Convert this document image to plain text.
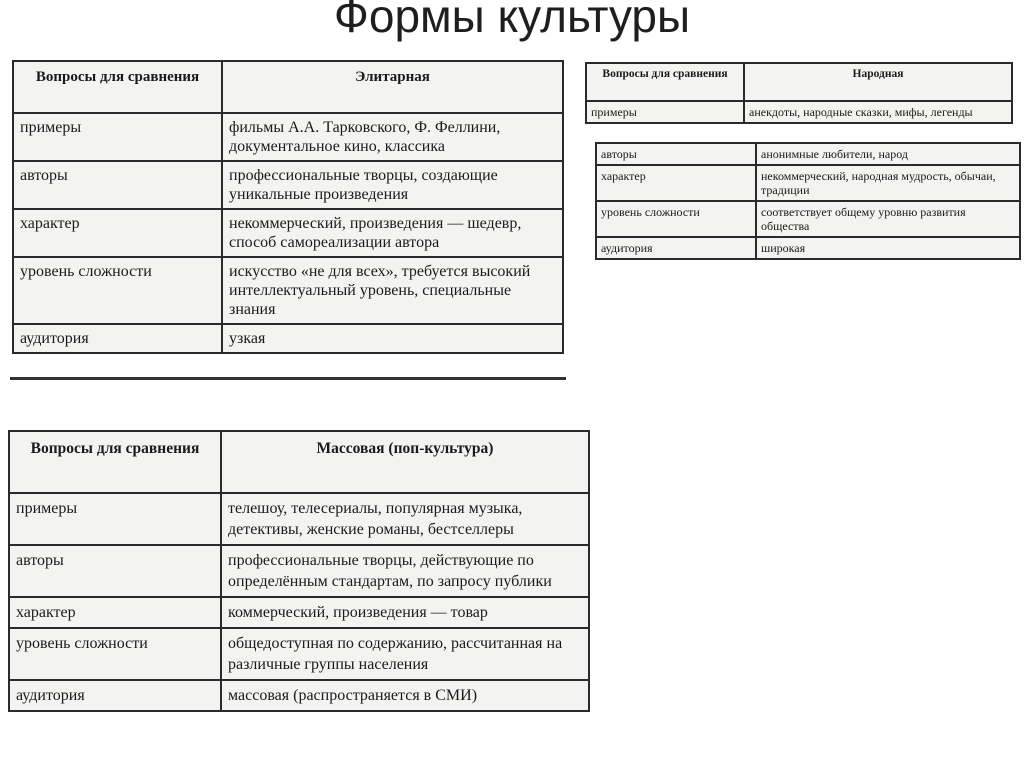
Формы культуры
Вопросы для сравнения	Элитарная
примеры	фильмы А.А. Тарковского, Ф. Феллини, документальное кино, классика
авторы	профессиональные творцы, создающие уникальные произведения
характер	некоммерческий, произведения — шедевр, способ самореализации автора
уровень сложности	искусство «не для всех», требуется высокий интеллектуальный уровень, специальные знания
аудитория	узкая
Вопросы для сравнения	Народная
примеры	анекдоты, народные сказки, мифы, легенды
авторы	анонимные любители, народ
характер	некоммерческий, народная мудрость, обычаи, традиции
уровень сложности	соответствует общему уровню развития общества
аудитория	широкая
Вопросы для сравнения	Массовая (поп-культура)
примеры	телешоу, телесериалы, популярная музыка, детективы, женские романы, бестселлеры
авторы	профессиональные творцы, действующие по определённым стандартам, по запросу публики
характер	коммерческий, произведения — товар
уровень сложности	общедоступная по содержанию, рассчитанная на различные группы населения
аудитория	массовая (распространяется в СМИ)
